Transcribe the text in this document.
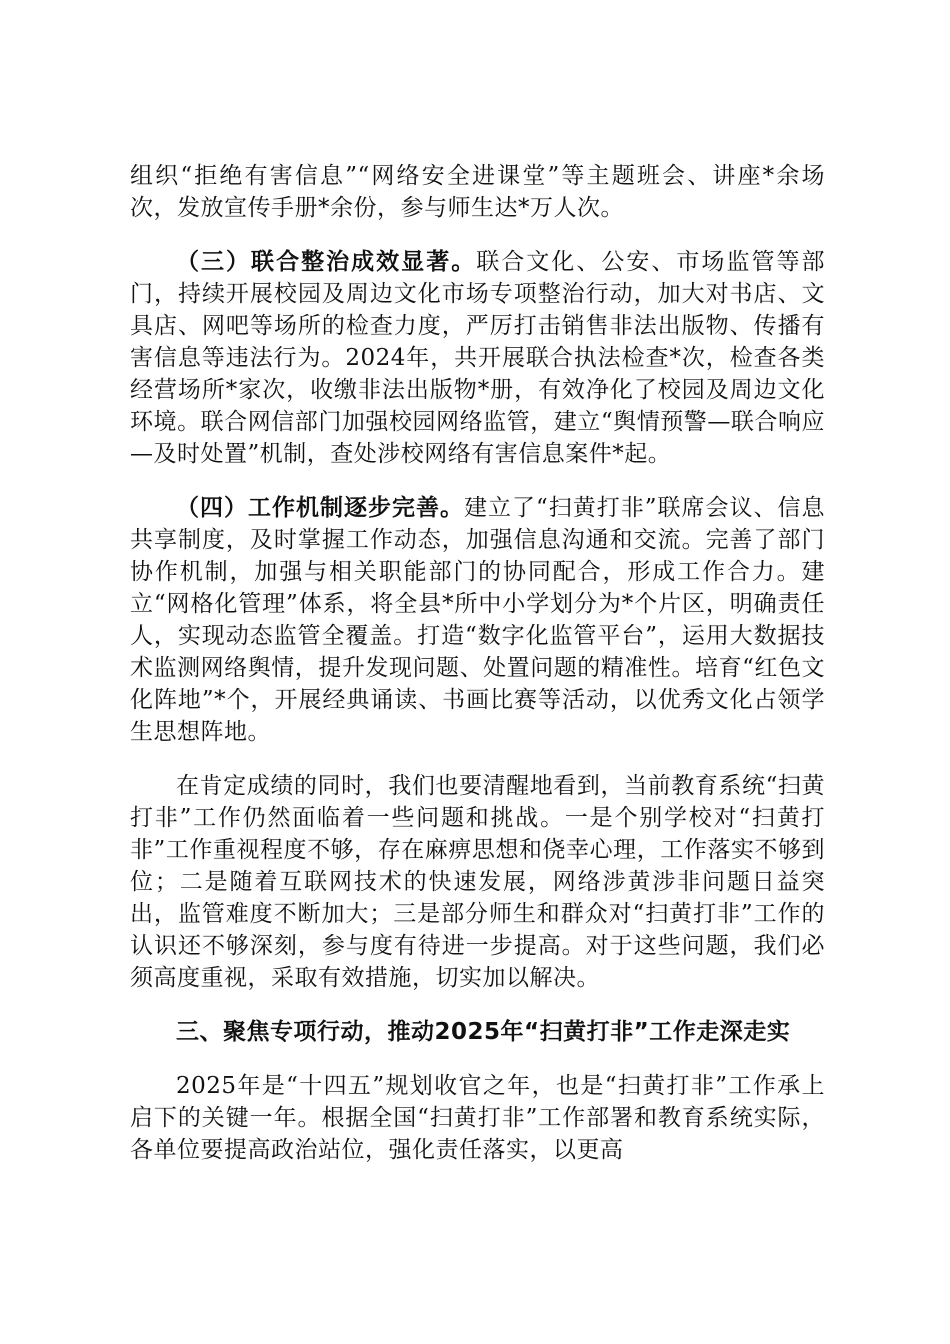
组织“拒绝有害信息”“网络安全进课堂”等主题班会、讲座*余场次，发放宣传手册*余份，参与师生达*万人次。

（三）联合整治成效显著。联合文化、公安、市场监管等部门，持续开展校园及周边文化市场专项整治行动，加大对书店、文具店、网吧等场所的检查力度，严厉打击销售非法出版物、传播有害信息等违法行为。2024年，共开展联合执法检查*次，检查各类经营场所*家次，收缴非法出版物*册，有效净化了校园及周边文化环境。联合网信部门加强校园网络监管，建立“舆情预警—联合响应—及时处置”机制，查处涉校网络有害信息案件*起。

（四）工作机制逐步完善。建立了“扫黄打非”联席会议、信息共享制度，及时掌握工作动态，加强信息沟通和交流。完善了部门协作机制，加强与相关职能部门的协同配合，形成工作合力。建立“网格化管理”体系，将全县*所中小学划分为*个片区，明确责任人，实现动态监管全覆盖。打造“数字化监管平台”，运用大数据技术监测网络舆情，提升发现问题、处置问题的精准性。培育“红色文化阵地”*个，开展经典诵读、书画比赛等活动，以优秀文化占领学生思想阵地。

在肯定成绩的同时，我们也要清醒地看到，当前教育系统“扫黄打非”工作仍然面临着一些问题和挑战。一是个别学校对“扫黄打非”工作重视程度不够，存在麻痹思想和侥幸心理，工作落实不够到位；二是随着互联网技术的快速发展，网络涉黄涉非问题日益突出，监管难度不断加大；三是部分师生和群众对“扫黄打非”工作的认识还不够深刻，参与度有待进一步提高。对于这些问题，我们必须高度重视，采取有效措施，切实加以解决。

三、聚焦专项行动，推动2025年“扫黄打非”工作走深走实

2025年是“十四五”规划收官之年，也是“扫黄打非”工作承上启下的关键一年。根据全国“扫黄打非”工作部署和教育系统实际，各单位要提高政治站位，强化责任落实，以更高
